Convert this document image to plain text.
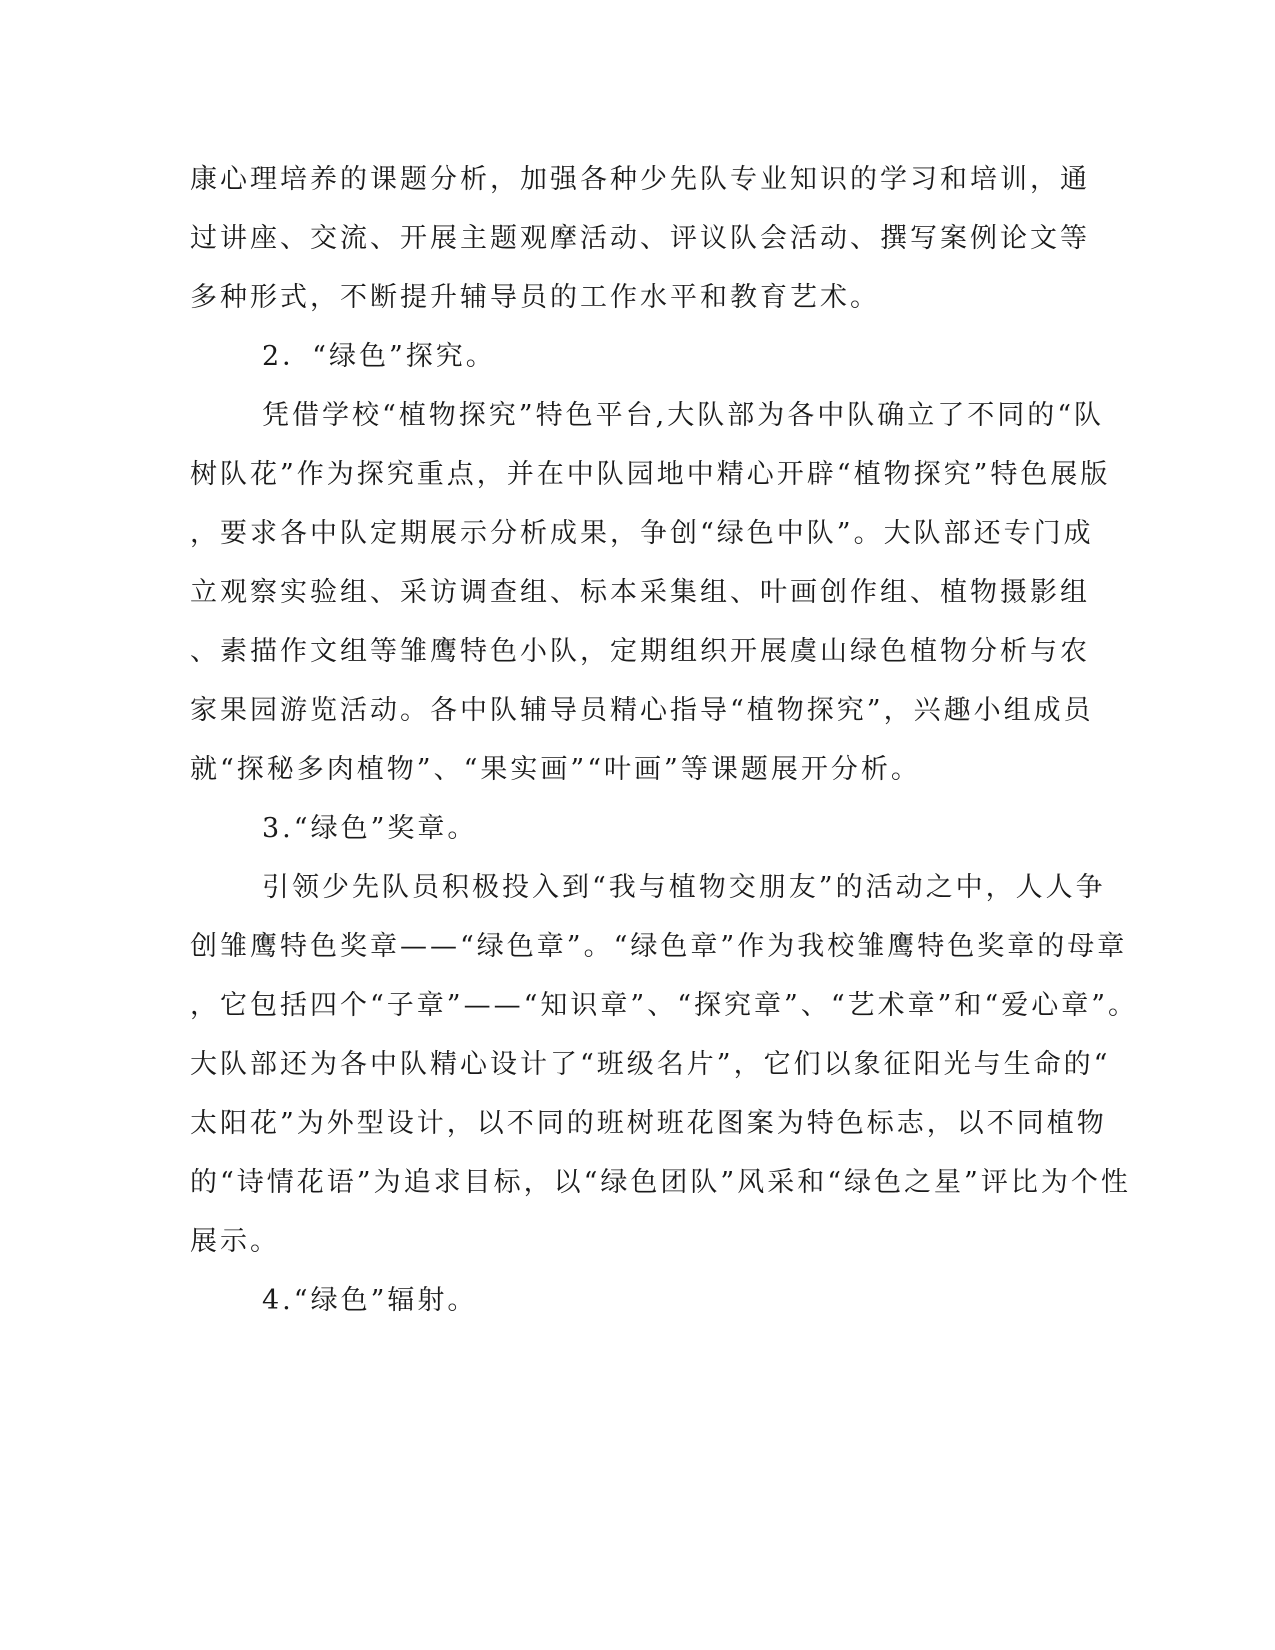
康心理培养的课题分析，加强各种少先队专业知识的学习和培训，通
过讲座、交流、开展主题观摩活动、评议队会活动、撰写案例论文等
多种形式，不断提升辅导员的工作水平和教育艺术。
2．“绿色”探究。
凭借学校“植物探究”特色平台,大队部为各中队确立了不同的“队
树队花”作为探究重点，并在中队园地中精心开辟“植物探究”特色展版
，要求各中队定期展示分析成果，争创“绿色中队”。大队部还专门成
立观察实验组、采访调查组、标本采集组、叶画创作组、植物摄影组
、素描作文组等雏鹰特色小队，定期组织开展虞山绿色植物分析与农
家果园游览活动。各中队辅导员精心指导“植物探究”，兴趣小组成员
就“探秘多肉植物”、“果实画”“叶画”等课题展开分析。
3.“绿色”奖章。
引领少先队员积极投入到“我与植物交朋友”的活动之中，人人争
创雏鹰特色奖章——“绿色章”。“绿色章”作为我校雏鹰特色奖章的母章
，它包括四个“子章”——“知识章”、“探究章”、“艺术章”和“爱心章”。
大队部还为各中队精心设计了“班级名片”，它们以象征阳光与生命的“
太阳花”为外型设计，以不同的班树班花图案为特色标志，以不同植物
的“诗情花语”为追求目标，以“绿色团队”风采和“绿色之星”评比为个性
展示。
4.“绿色”辐射。
